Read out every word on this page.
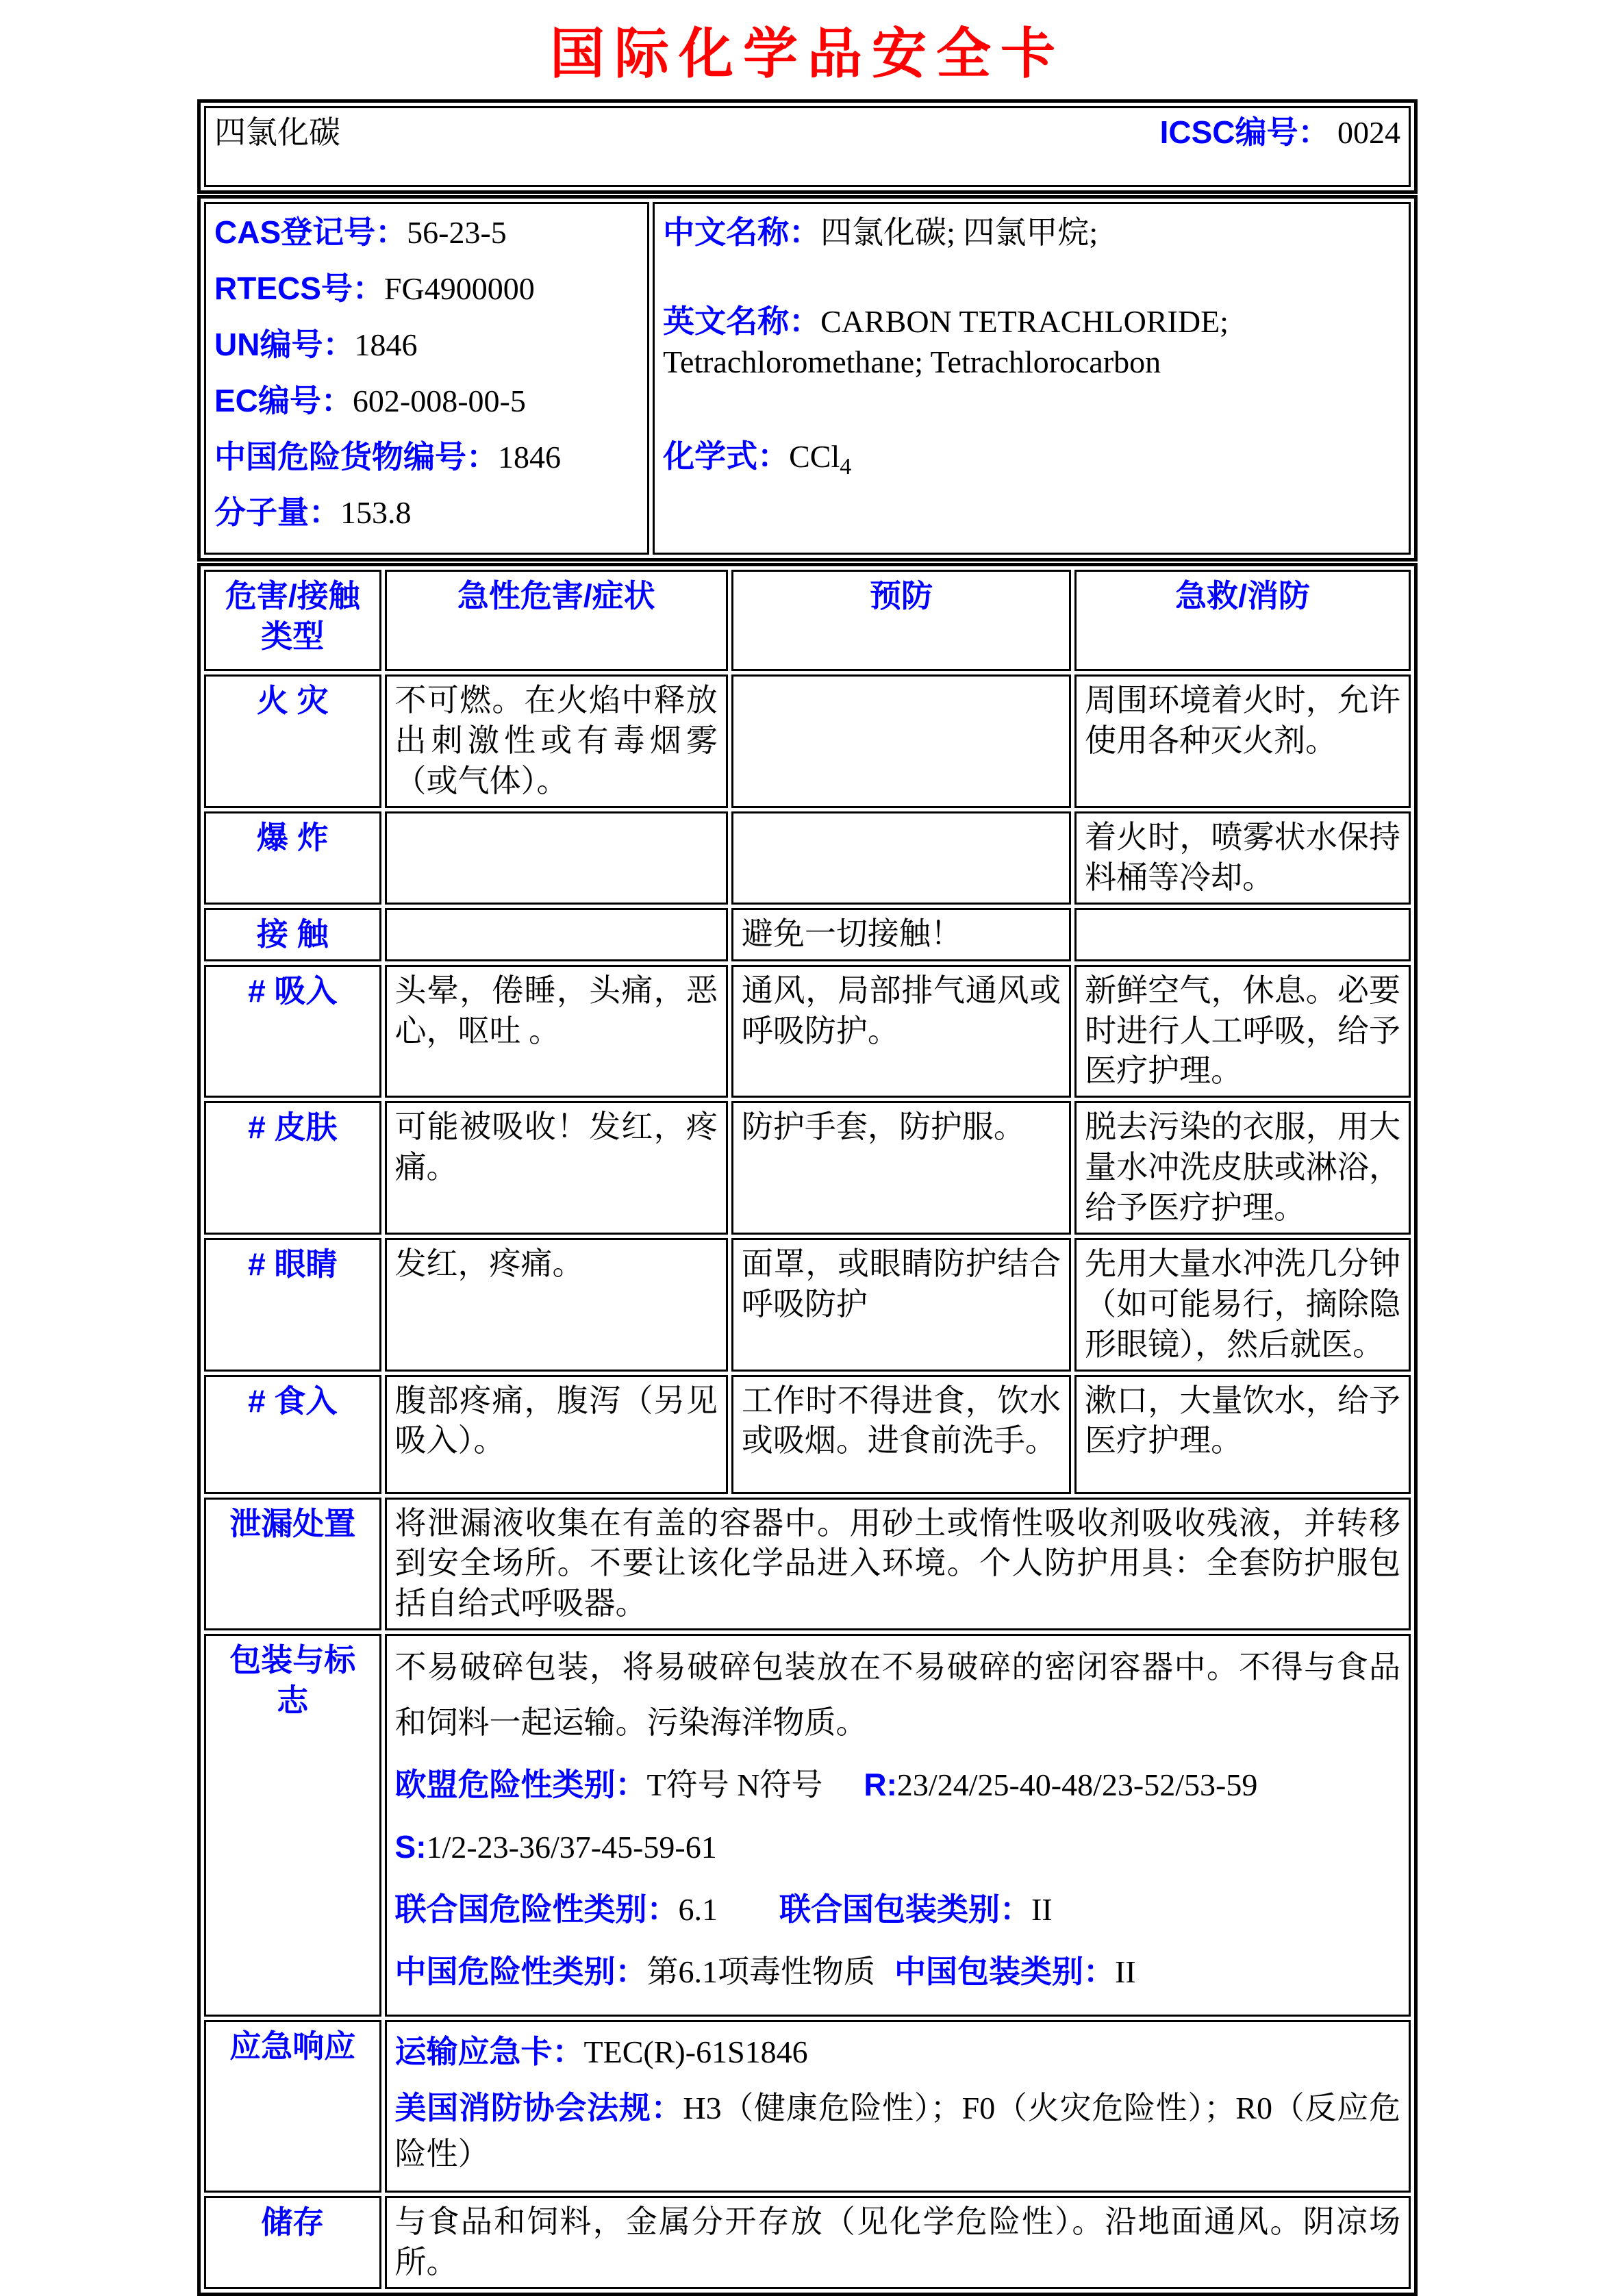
国际化学品安全卡
四氯化碳	ICSC编号： 0024
CAS登记号：56-23-5
RTECS号：FG4900000
UN编号：1846
EC编号：602-008-00-5
中国危险货物编号：1846
分子量：153.8

中文名称：四氯化碳; 四氯甲烷;
英文名称：CARBON TETRACHLORIDE; Tetrachloromethane; Tetrachlorocarbon
化学式：CCl$_4$
危害/接触类型	急性危害/症状	预防	急救/消防
火 灾	不可燃。在火焰中释放出刺激性或有毒烟雾（或气体）。		周围环境着火时，允许使用各种灭火剂。
爆 炸			着火时，喷雾状水保持料桶等冷却。
接 触		避免一切接触！	
# 吸入	头晕，倦睡，头痛，恶心，呕吐 。	通风，局部排气通风或呼吸防护。	新鲜空气，休息。必要时进行人工呼吸，给予医疗护理。
# 皮肤	可能被吸收！发红，疼痛。	防护手套，防护服。	脱去污染的衣服，用大量水冲洗皮肤或淋浴，给予医疗护理。
# 眼睛	发红，疼痛。	面罩，或眼睛防护结合呼吸防护	先用大量水冲洗几分钟（如可能易行，摘除隐形眼镜），然后就医。
# 食入	腹部疼痛，腹泻（另见吸入）。	工作时不得进食，饮水或吸烟。进食前洗手。	漱口，大量饮水，给予医疗护理。
泄漏处置	将泄漏液收集在有盖的容器中。用砂土或惰性吸收剂吸收残液，并转移到安全场所。不要让该化学品进入环境。个人防护用具：全套防护服包括自给式呼吸器。		
包装与标志	不易破碎包装，将易破碎包装放在不易破碎的密闭容器中。不得与食品和饲料一起运输。污染海洋物质。
欧盟危险性类别：T符号 N符号 R:23/24/25-40-48/23-52/53-59
S:1/2-23-36/37-45-59-61
联合国危险性类别：6.1 联合国包装类别：II
中国危险性类别：第6.1项毒性物质 中国包装类别：II		

应急响应	运输应急卡：TEC(R)-61S1846
美国消防协会法规：H3（健康危险性）；F0（火灾危险性）；R0（反应危险性）		

储存	与食品和饲料，金属分开存放（见化学危险性）。沿地面通风。阴凉场所。		
